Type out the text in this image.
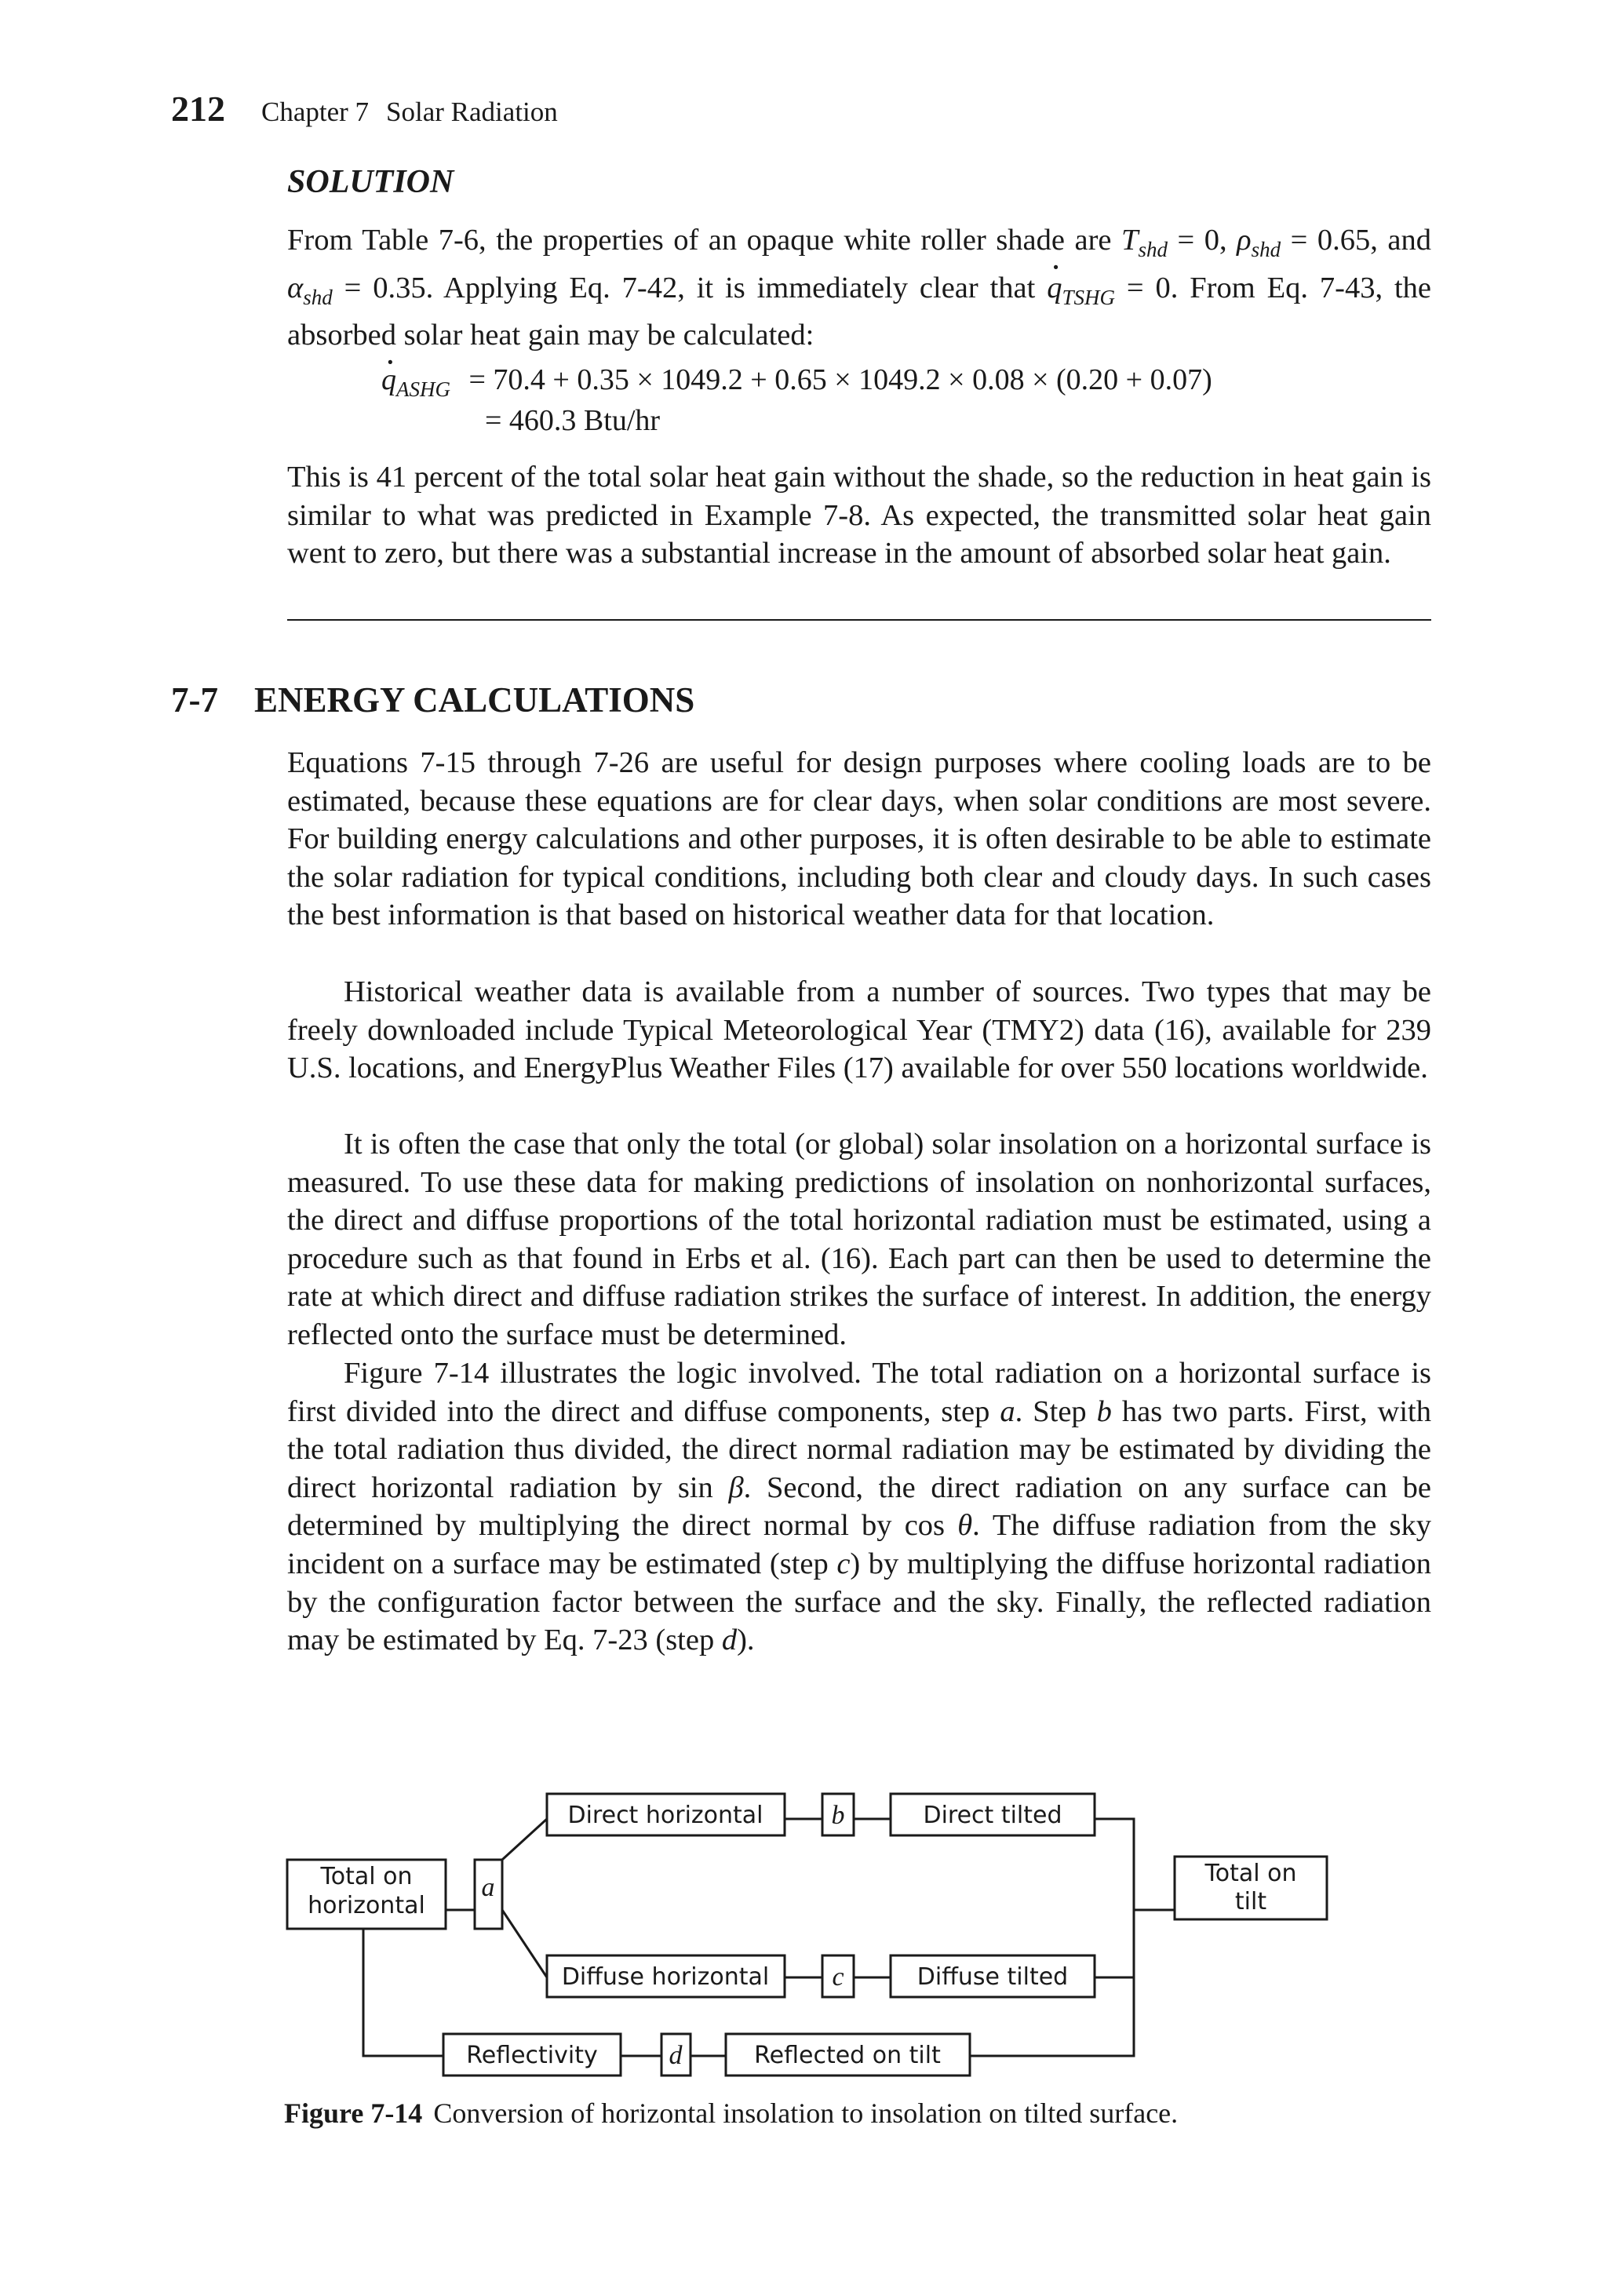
212 Chapter 7 Solar Radiation
SOLUTION

From Table 7-6, the properties of an opaque white roller shade are $T_{shd} = 0$, $\rho_{shd} = 0.65$, and $\alpha_{shd} = 0.35$. Applying Eq. 7-42, it is immediately clear that · $q_{TSHG} = 0$. From Eq. 7-43, the absorbed solar heat gain may be calculated:

· $q_{ASHG} = 70.4 + 0.35 \times 1049.2 + 0.65 \times 1049.2 \times 0.08 \times (0.20 + 0.07)$
= 460.3 Btu/hr

This is 41 percent of the total solar heat gain without the shade, so the reduction in heat gain is similar to what was predicted in Example 7-8. As expected, the transmitted solar heat gain went to zero, but there was a substantial increase in the amount of absorbed solar heat gain.

7-7 ENERGY CALCULATIONS

Equations 7-15 through 7-26 are useful for design purposes where cooling loads are to be estimated, because these equations are for clear days, when solar conditions are most severe. For building energy calculations and other purposes, it is often desirable to be able to estimate the solar radiation for typical conditions, including both clear and cloudy days. In such cases the best information is that based on historical weather data for that location.

Historical weather data is available from a number of sources. Two types that may be freely downloaded include Typical Meteorological Year (TMY2) data (16), available for 239 U.S. locations, and EnergyPlus Weather Files (17) available for over 550 locations worldwide.

It is often the case that only the total (or global) solar insolation on a horizontal surface is measured. To use these data for making predictions of insolation on nonhorizontal surfaces, the direct and diffuse proportions of the total horizontal radiation must be estimated, using a procedure such as that found in Erbs et al. (16). Each part can then be used to determine the rate at which direct and diffuse radiation strikes the surface of interest. In addition, the energy reflected onto the surface must be determined.

Figure 7-14 illustrates the logic involved. The total radiation on a horizontal surface is first divided into the direct and diffuse components, step a. Step b has two parts. First, with the total radiation thus divided, the direct normal radiation may be estimated by dividing the direct horizontal radiation by sin β. Second, the direct radiation on any surface can be determined by multiplying the direct normal by cos θ. The diffuse radiation from the sky incident on a surface may be estimated (step c) by multiplying the diffuse horizontal radiation by the configuration factor between the surface and the sky. Finally, the reflected radiation may be estimated by Eq. 7-23 (step d).

Total on
horizontal
a
Direct horizontal	b	Direct tilted
Diffuse horizontal c	Diffuse tilted
Total on
tilt
Reflectivity	d	Reflected on tilt
Figure 7-14 Conversion of horizontal insolation to insolation on tilted surface.
